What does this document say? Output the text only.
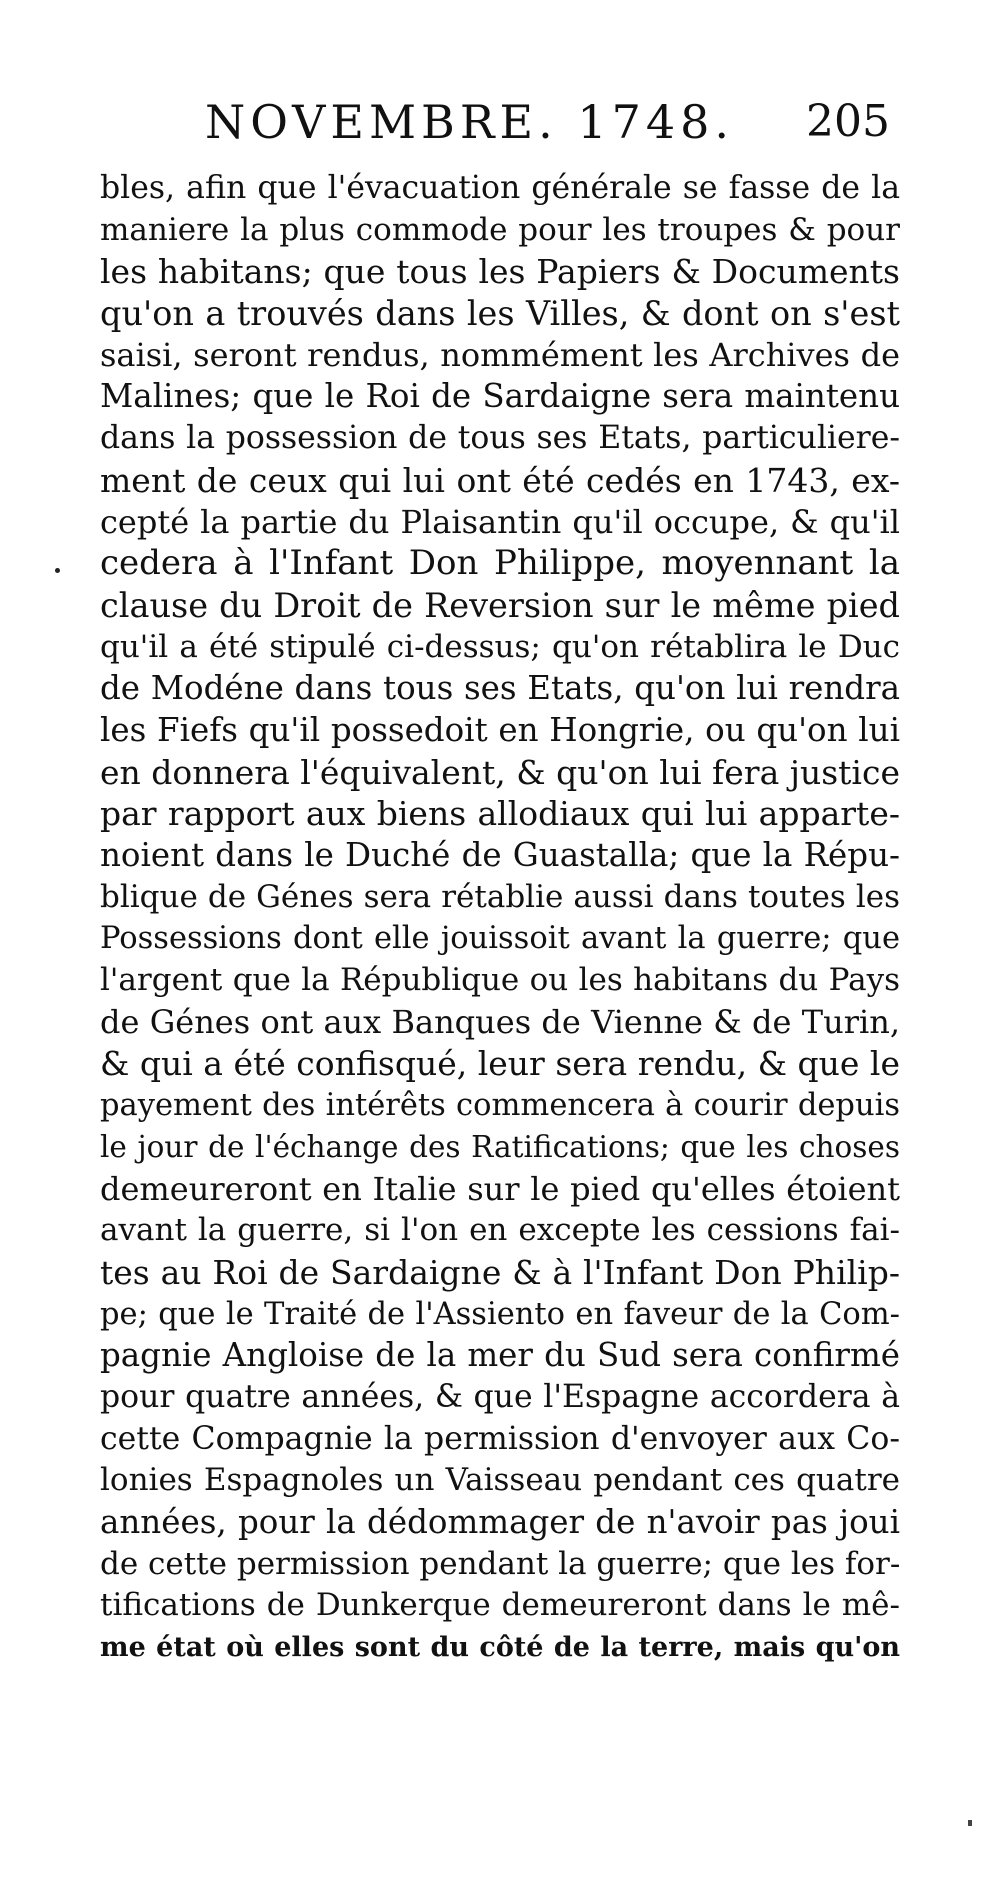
NOVEMBRE. 1748. 205
bles, afin que l'évacuation générale se fasse de la
maniere la plus commode pour les troupes & pour
les habitans; que tous les Papiers & Documents
qu'on a trouvés dans les Villes, & dont on s'est
saisi, seront rendus, nommément les Archives de
Malines; que le Roi de Sardaigne sera maintenu
dans la possession de tous ses Etats, particuliere-
ment de ceux qui lui ont été cedés en 1743, ex-
cepté la partie du Plaisantin qu'il occupe, & qu'il
cedera à l'Infant Don Philippe, moyennant la
clause du Droit de Reversion sur le même pied
qu'il a été stipulé ci-dessus; qu'on rétablira le Duc
de Modéne dans tous ses Etats, qu'on lui rendra
les Fiefs qu'il possedoit en Hongrie, ou qu'on lui
en donnera l'équivalent, & qu'on lui fera justice
par rapport aux biens allodiaux qui lui apparte-
noient dans le Duché de Guastalla; que la Répu-
blique de Génes sera rétablie aussi dans toutes les
Possessions dont elle jouissoit avant la guerre; que
l'argent que la République ou les habitans du Pays
de Génes ont aux Banques de Vienne & de Turin,
& qui a été confisqué, leur sera rendu, & que le
payement des intérêts commencera à courir depuis
le jour de l'échange des Ratifications; que les choses
demeureront en Italie sur le pied qu'elles étoient
avant la guerre, si l'on en excepte les cessions fai-
tes au Roi de Sardaigne & à l'Infant Don Philip-
pe; que le Traité de l'Assiento en faveur de la Com-
pagnie Angloise de la mer du Sud sera confirmé
pour quatre années, & que l'Espagne accordera à
cette Compagnie la permission d'envoyer aux Co-
lonies Espagnoles un Vaisseau pendant ces quatre
années, pour la dédommager de n'avoir pas joui
de cette permission pendant la guerre; que les for-
tifications de Dunkerque demeureront dans le mê-
me état où elles sont du côté de la terre, mais qu'on
